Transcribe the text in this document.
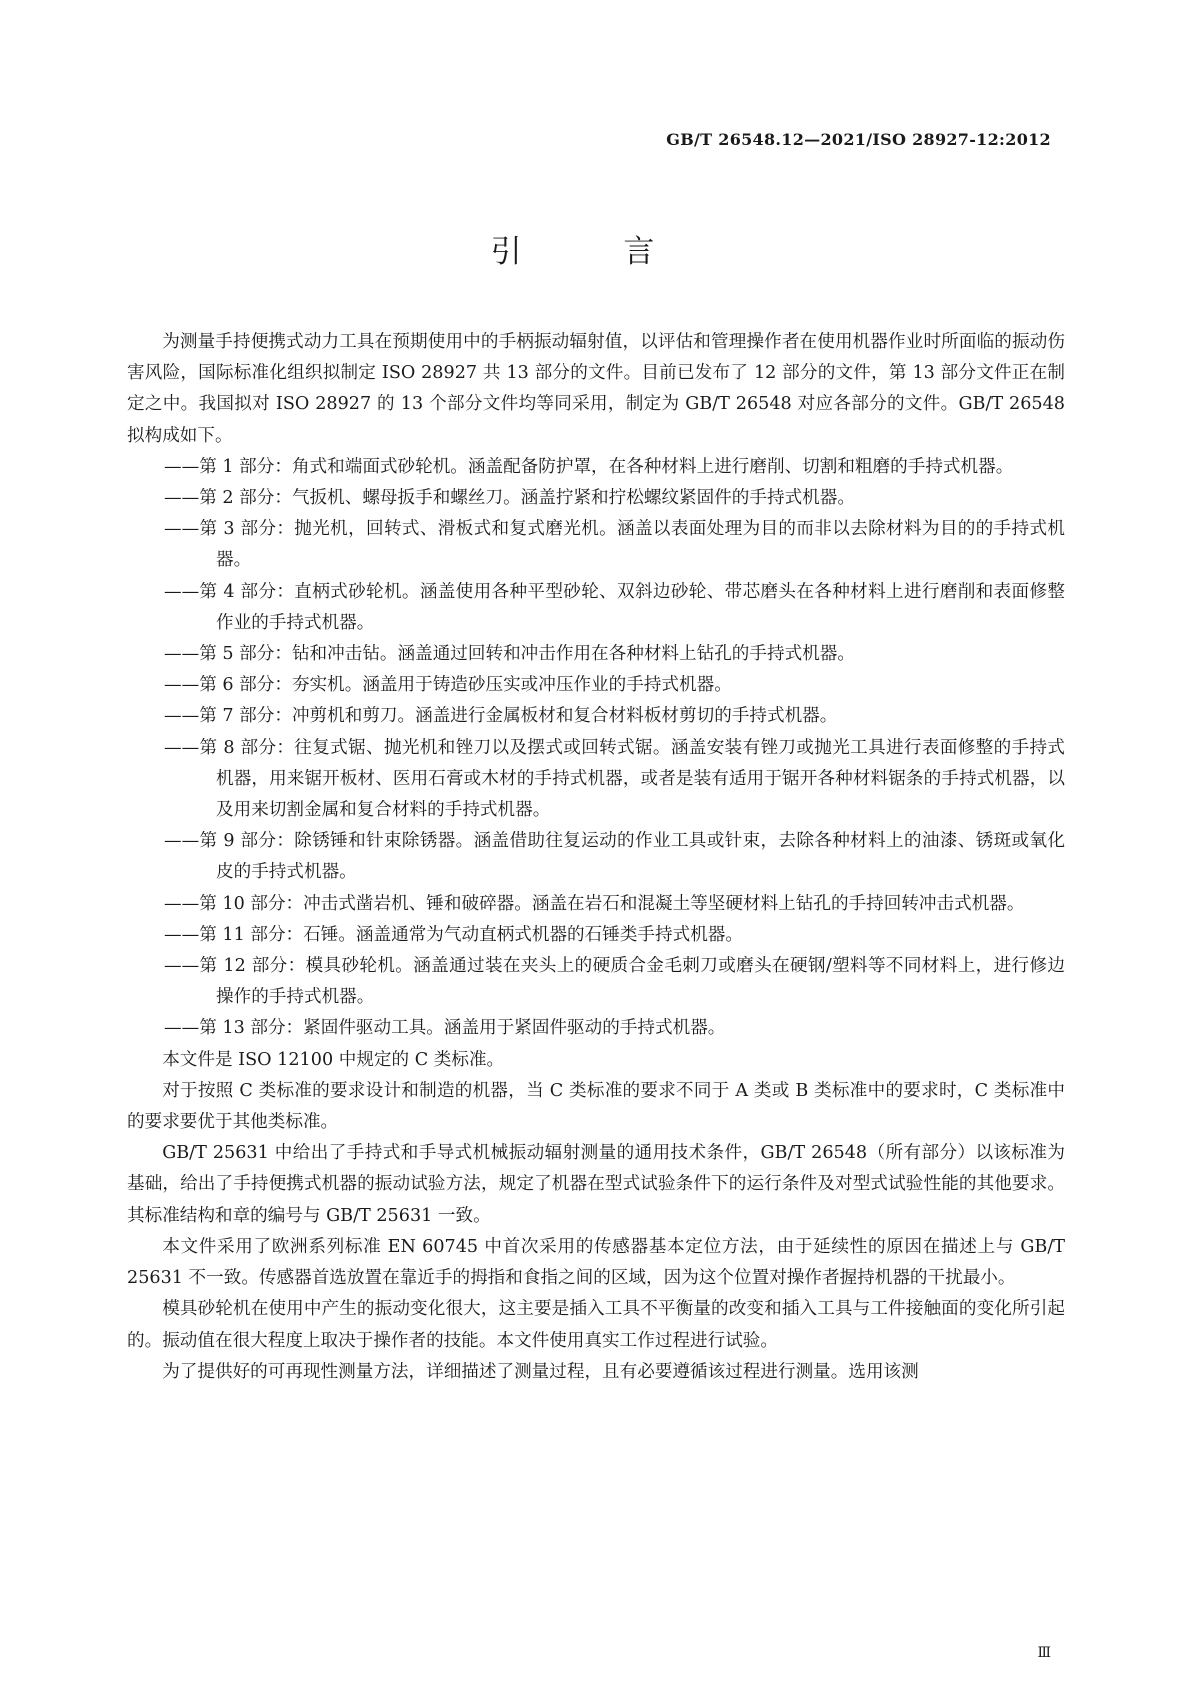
GB/T 26548.12—2021/ISO 28927-12:2012
引 言

为测量手持便携式动力工具在预期使用中的手柄振动辐射值，以评估和管理操作者在使用机器作业时所面临的振动伤害风险，国际标准化组织拟制定 ISO 28927 共 13 部分的文件。目前已发布了 12 部分的文件，第 13 部分文件正在制定之中。我国拟对 ISO 28927 的 13 个部分文件均等同采用，制定为 GB/T 26548 对应各部分的文件。GB/T 26548 拟构成如下。

——第 1 部分：角式和端面式砂轮机。涵盖配备防护罩，在各种材料上进行磨削、切割和粗磨的手持式机器。
——第 2 部分：气扳机、螺母扳手和螺丝刀。涵盖拧紧和拧松螺纹紧固件的手持式机器。
——第 3 部分：抛光机，回转式、滑板式和复式磨光机。涵盖以表面处理为目的而非以去除材料为目的的手持式机器。
——第 4 部分：直柄式砂轮机。涵盖使用各种平型砂轮、双斜边砂轮、带芯磨头在各种材料上进行磨削和表面修整作业的手持式机器。
——第 5 部分：钻和冲击钻。涵盖通过回转和冲击作用在各种材料上钻孔的手持式机器。
——第 6 部分：夯实机。涵盖用于铸造砂压实或冲压作业的手持式机器。
——第 7 部分：冲剪机和剪刀。涵盖进行金属板材和复合材料板材剪切的手持式机器。
——第 8 部分：往复式锯、抛光机和锉刀以及摆式或回转式锯。涵盖安装有锉刀或抛光工具进行表面修整的手持式机器，用来锯开板材、医用石膏或木材的手持式机器，或者是装有适用于锯开各种材料锯条的手持式机器，以及用来切割金属和复合材料的手持式机器。
——第 9 部分：除锈锤和针束除锈器。涵盖借助往复运动的作业工具或针束，去除各种材料上的油漆、锈斑或氧化皮的手持式机器。
——第 10 部分：冲击式凿岩机、锤和破碎器。涵盖在岩石和混凝土等坚硬材料上钻孔的手持回转冲击式机器。
——第 11 部分：石锤。涵盖通常为气动直柄式机器的石锤类手持式机器。
——第 12 部分：模具砂轮机。涵盖通过装在夹头上的硬质合金毛刺刀或磨头在硬钢/塑料等不同材料上，进行修边操作的手持式机器。
——第 13 部分：紧固件驱动工具。涵盖用于紧固件驱动的手持式机器。

本文件是 ISO 12100 中规定的 C 类标准。

对于按照 C 类标准的要求设计和制造的机器，当 C 类标准的要求不同于 A 类或 B 类标准中的要求时，C 类标准中的要求要优于其他类标准。

GB/T 25631 中给出了手持式和手导式机械振动辐射测量的通用技术条件，GB/T 26548（所有部分）以该标准为基础，给出了手持便携式机器的振动试验方法，规定了机器在型式试验条件下的运行条件及对型式试验性能的其他要求。其标准结构和章的编号与 GB/T 25631 一致。

本文件采用了欧洲系列标准 EN 60745 中首次采用的传感器基本定位方法，由于延续性的原因在描述上与 GB/T 25631 不一致。传感器首选放置在靠近手的拇指和食指之间的区域，因为这个位置对操作者握持机器的干扰最小。

模具砂轮机在使用中产生的振动变化很大，这主要是插入工具不平衡量的改变和插入工具与工件接触面的变化所引起的。振动值在很大程度上取决于操作者的技能。本文件使用真实工作过程进行试验。

为了提供好的可再现性测量方法，详细描述了测量过程，且有必要遵循该过程进行测量。选用该测

Ⅲ
